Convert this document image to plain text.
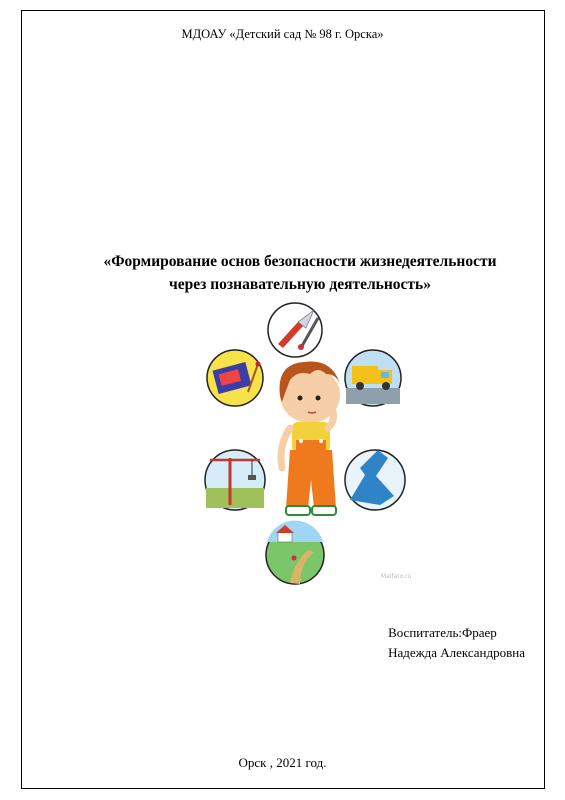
МДОАУ «Детский сад № 98 г. Орска»
«Формирование основ безопасности жизнедеятельности
через познавательную деятельность»
Malfaro.ru
Воспитатель:Фраер
Надежда Александровна
Орск , 2021 год.
